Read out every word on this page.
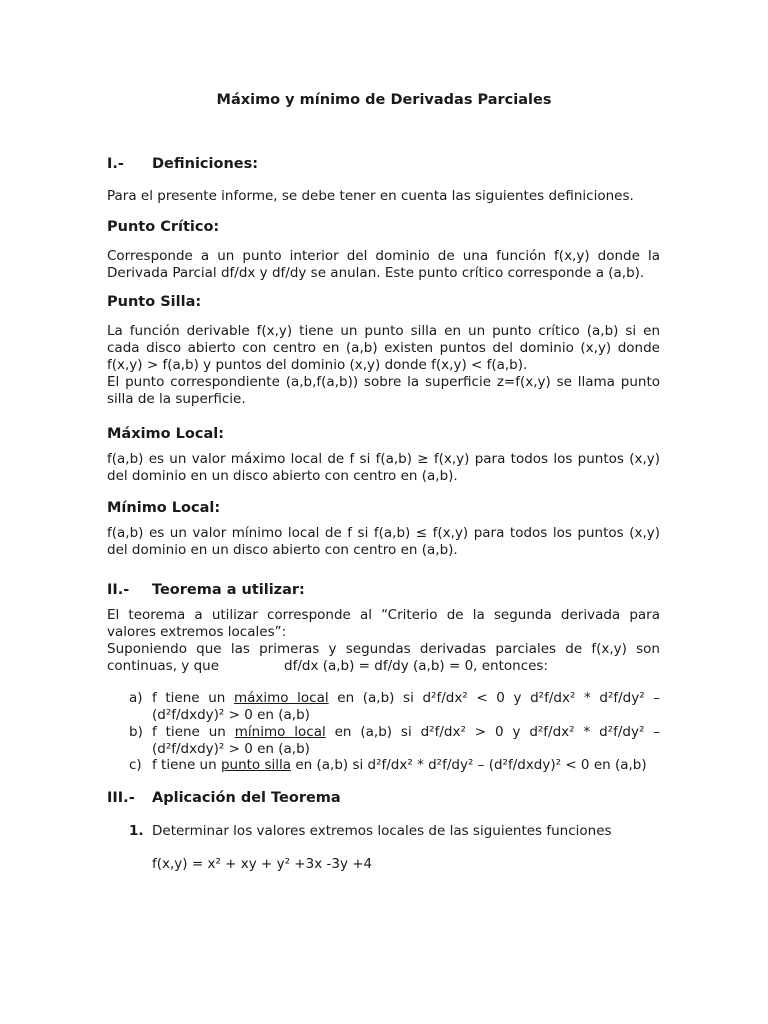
Máximo y mínimo de Derivadas Parciales
I.- Definiciones:
Para el presente informe, se debe tener en cuenta las siguientes definiciones.
Punto Crítico:
Corresponde a un punto interior del dominio de una función f(x,y) donde la
Derivada Parcial df/dx y df/dy se anulan. Este punto crítico corresponde a (a,b).
Punto Silla:
La función derivable f(x,y) tiene un punto silla en un punto crítico (a,b) si en
cada disco abierto con centro en (a,b) existen puntos del dominio (x,y) donde
f(x,y) > f(a,b) y puntos del dominio (x,y) donde f(x,y) < f(a,b).
El punto correspondiente (a,b,f(a,b)) sobre la superficie z=f(x,y) se llama punto
silla de la superficie.
Máximo Local:
f(a,b) es un valor máximo local de f si f(a,b) ≥ f(x,y) para todos los puntos (x,y)
del dominio en un disco abierto con centro en (a,b).
Mínimo Local:
f(a,b) es un valor mínimo local de f si f(a,b) ≤ f(x,y) para todos los puntos (x,y)
del dominio en un disco abierto con centro en (a,b).
II.- Teorema a utilizar:
El teorema a utilizar corresponde al “Criterio de la segunda derivada para
valores extremos locales”:
Suponiendo que las primeras y segundas derivadas parciales de f(x,y) son
continuas, y que	df/dx (a,b) = df/dy (a,b) = 0, entonces:
a) f tiene un máximo local en (a,b) si d²f/dx² < 0 y d²f/dx² * d²f/dy² –
(d²f/dxdy)² > 0 en (a,b)
b) f tiene un mínimo local en (a,b) si d²f/dx² > 0 y d²f/dx² * d²f/dy² –
(d²f/dxdy)² > 0 en (a,b)
c) f tiene un punto silla en (a,b) si d²f/dx² * d²f/dy² – (d²f/dxdy)² < 0 en (a,b)
III.- Aplicación del Teorema
1. Determinar los valores extremos locales de las siguientes funciones
f(x,y) = x² + xy + y² +3x -3y +4
